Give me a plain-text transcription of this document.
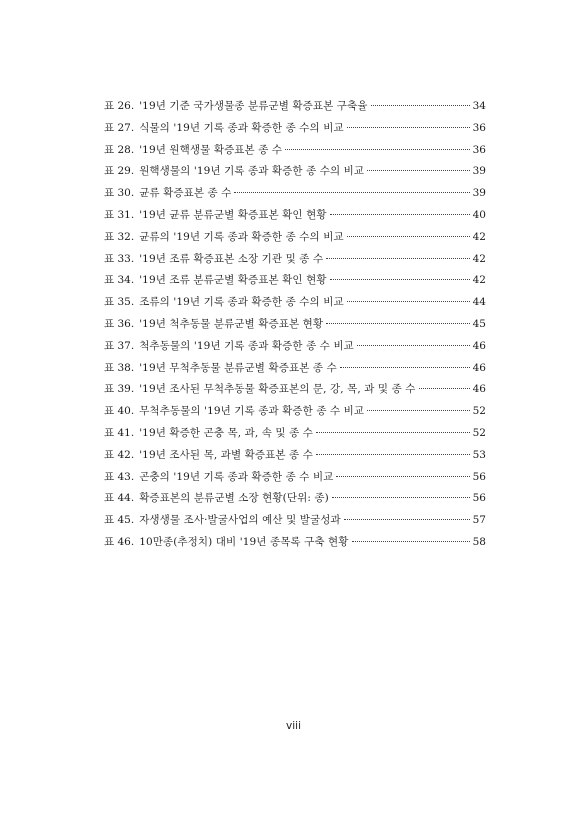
표 26. '19년 기준 국가생물종 분류군별 확증표본 구축율	34
표 27. 식물의 '19년 기록 종과 확증한 종 수의 비교	36
표 28. '19년 원핵생물 확증표본 종 수	36
표 29. 원핵생물의 '19년 기록 종과 확증한 종 수의 비교	39
표 30. 균류 확증표본 종 수	39
표 31. '19년 균류 분류군별 확증표본 확인 현황	40
표 32. 균류의 '19년 기록 종과 확증한 종 수의 비교	42
표 33. '19년 조류 확증표본 소장 기관 및 종 수	42
표 34. '19년 조류 분류군별 확증표본 확인 현황	42
표 35. 조류의 '19년 기록 종과 확증한 종 수의 비교	44
표 36. '19년 척추동물 분류군별 확증표본 현황	45
표 37. 척추동물의 '19년 기록 종과 확증한 종 수 비교	46
표 38. '19년 무척추동물 분류군별 확증표본 종 수	46
표 39. '19년 조사된 무척추동물 확증표본의 문, 강, 목, 과 및 종 수	46
표 40. 무척추동물의 '19년 기록 종과 확증한 종 수 비교	52
표 41. '19년 확증한 곤충 목, 과, 속 및 종 수	52
표 42. '19년 조사된 목, 과별 확증표본 종 수	53
표 43. 곤충의 '19년 기록 종과 확증한 종 수 비교	56
표 44. 확증표본의 분류군별 소장 현황(단위: 종)	56
표 45. 자생생물 조사·발굴사업의 예산 및 발굴성과	57
표 46. 10만종(추정치) 대비 '19년 종목록 구축 현황	58
viii
